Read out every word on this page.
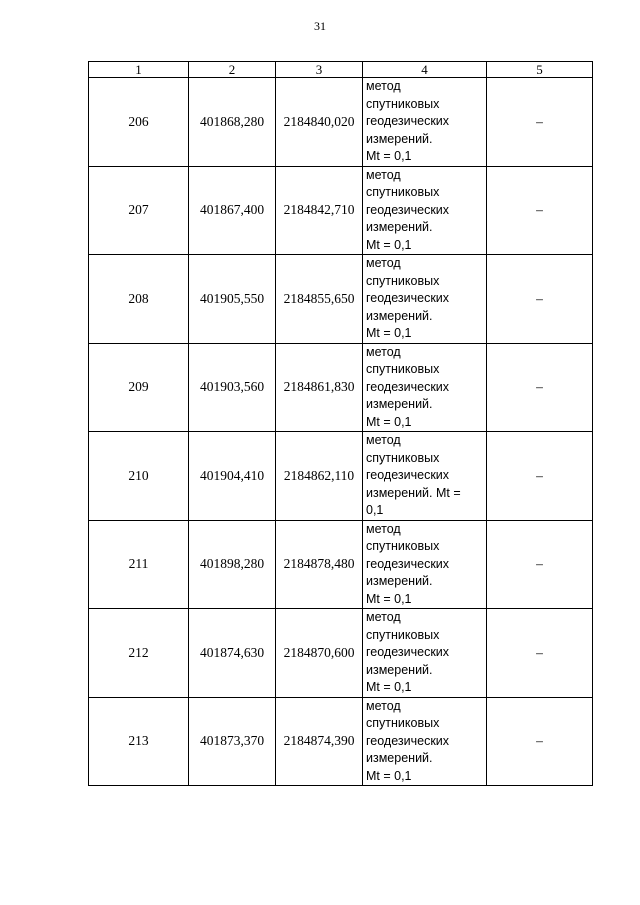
31
1	2	3	4	5
206	401868,280	2184840,020	метод
спутниковых
геодезических
измерений.
Mt = 0,1	–
207	401867,400	2184842,710	метод
спутниковых
геодезических
измерений.
Mt = 0,1	–
208	401905,550	2184855,650	метод
спутниковых
геодезических
измерений.
Mt = 0,1	–
209	401903,560	2184861,830	метод
спутниковых
геодезических
измерений.
Mt = 0,1	–
210	401904,410	2184862,110	метод
спутниковых
геодезических
измерений. Mt =
0,1	–
211	401898,280	2184878,480	метод
спутниковых
геодезических
измерений.
Mt = 0,1	–
212	401874,630	2184870,600	метод
спутниковых
геодезических
измерений.
Mt = 0,1	–
213	401873,370	2184874,390	метод
спутниковых
геодезических
измерений.
Mt = 0,1	–
